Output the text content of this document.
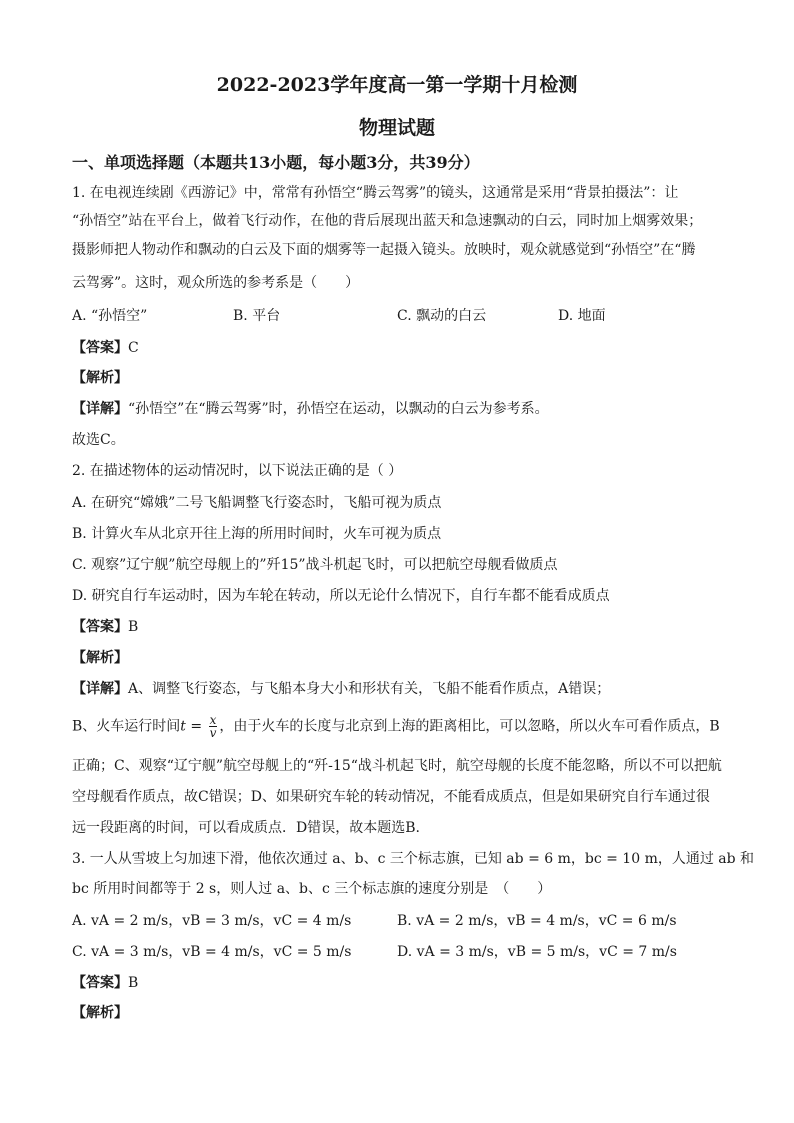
2022-2023学年度高一第一学期十月检测
物理试题
一、单项选择题（本题共13小题，每小题3分，共39分）
1. 在电视连续剧《西游记》中，常常有孙悟空“腾云驾雾”的镜头，这通常是采用“背景拍摄法”：让
“孙悟空”站在平台上，做着飞行动作，在他的背后展现出蓝天和急速飘动的白云，同时加上烟雾效果；
摄影师把人物动作和飘动的白云及下面的烟雾等一起摄入镜头。放映时，观众就感觉到“孙悟空”在“腾
云驾雾”。这时，观众所选的参考系是（　　）
A. “孙悟空”	B. 平台	C. 飘动的白云	D. 地面
【答案】C
【解析】
【详解】“孙悟空”在“腾云驾雾”时，孙悟空在运动，以飘动的白云为参考系。
故选C。
2. 在描述物体的运动情况时，以下说法正确的是（ ）
A. 在研究“嫦娥”二号飞船调整飞行姿态时，飞船可视为质点
B. 计算火车从北京开往上海的所用时间时，火车可视为质点
C. 观察”辽宁舰”航空母舰上的”歼15”战斗机起飞时，可以把航空母舰看做质点
D. 研究自行车运动时，因为车轮在转动，所以无论什么情况下，自行车都不能看成质点
【答案】B
【解析】
【详解】A、调整飞行姿态，与飞船本身大小和形状有关，飞船不能看作质点，A错误；
B、火车运行时间$t = \frac{x}{v}$ ，由于火车的长度与北京到上海的距离相比，可以忽略，所以火车可看作质点，B
正确；C、观察“辽宁舰”航空母舰上的“歼-15“战斗机起飞时，航空母舰的长度不能忽略，所以不可以把航
空母舰看作质点，故C错误；D、如果研究车轮的转动情况，不能看成质点，但是如果研究自行车通过很
远一段距离的时间，可以看成质点．D错误，故本题选B.
3. 一人从雪坡上匀加速下滑，他依次通过 a、b、c 三个标志旗，已知 ab = 6 m，bc = 10 m，人通过 ab 和
bc 所用时间都等于 2 s，则人过 a、b、c 三个标志旗的速度分别是　（　　）
A. vA = 2 m/s，vB = 3 m/s，vC = 4 m/s	B. vA = 2 m/s，vB = 4 m/s，vC = 6 m/s
C. vA = 3 m/s，vB = 4 m/s，vC = 5 m/s	D. vA = 3 m/s，vB = 5 m/s，vC = 7 m/s
【答案】B
【解析】
